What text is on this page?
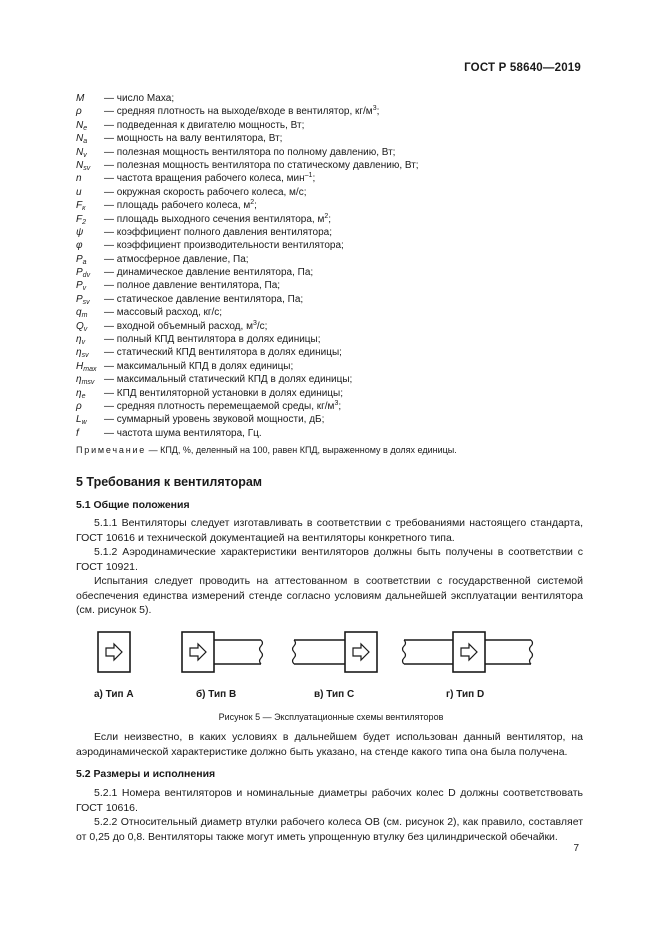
ГОСТ Р 58640—2019
M — число Маха;
ρ — средняя плотность на выходе/входе в вентилятор, $кг/м^3$;
$N_e$ — подведенная к двигателю мощность, Вт;
$N_a$ — мощность на валу вентилятора, Вт;
$N_v$ — полезная мощность вентилятора по полному давлению, Вт;
$N_{sv}$ — полезная мощность вентилятора по статическому давлению, Вт;
n — частота вращения рабочего колеса, мин$^{-1}$;
u — окружная скорость рабочего колеса, м/с;
$F_к$ — площадь рабочего колеса, $м^2$;
$F_2$ — площадь выходного сечения вентилятора, $м^2$;
ψ — коэффициент полного давления вентилятора;
φ — коэффициент производительности вентилятора;
$P_a$ — атмосферное давление, Па;
$P_{dv}$ — динамическое давление вентилятора, Па;
$P_v$ — полное давление вентилятора, Па;
$P_{sv}$ — статическое давление вентилятора, Па;
$q_m$ — массовый расход, кг/с;
$Q_v$ — входной объемный расход, $м^3/с$;
$\eta_v$ — полный КПД вентилятора в долях единицы;
$\eta_{sv}$ — статический КПД вентилятора в долях единицы;
$H_{max}$ — максимальный КПД в долях единицы;
$\eta_{msv}$ — максимальный статический КПД в долях единицы;
$\eta_e$ — КПД вентиляторной установки в долях единицы;
ρ — средняя плотность перемещаемой среды, $кг/м^3$;
$L_w$ — суммарный уровень звуковой мощности, дБ;
f	— частота шума вентилятора, Гц.
Примечание — КПД, %, деленный на 100, равен КПД, выраженному в долях единицы.
5 Требования к вентиляторам
5.1 Общие положения
5.1.1 Вентиляторы следует изготавливать в соответствии с требованиями настоящего стандарта, ГОСТ 10616 и технической документацией на вентиляторы конкретного типа.
5.1.2 Аэродинамические характеристики вентиляторов должны быть получены в соответствии с ГОСТ 10921.
Испытания следует проводить на аттестованном в соответствии с государственной системой обеспечения единства измерений стенде согласно условиям дальнейшей эксплуатации вентилятора (см. рисунок 5).
а) Тип А	б) Тип В	в) Тип С	г) Тип D
Рисунок 5 — Эксплуатационные схемы вентиляторов
Если неизвестно, в каких условиях в дальнейшем будет использован данный вентилятор, на аэродинамической характеристике должно быть указано, на стенде какого типа она была получена.
5.2 Размеры и исполнения
5.2.1 Номера вентиляторов и номинальные диаметры рабочих колес D должны соответствовать ГОСТ 10616.
5.2.2 Относительный диаметр втулки рабочего колеса ОВ (см. рисунок 2), как правило, составляет от 0,25 до 0,8. Вентиляторы также могут иметь упрощенную втулку без цилиндрической обечайки.
7
